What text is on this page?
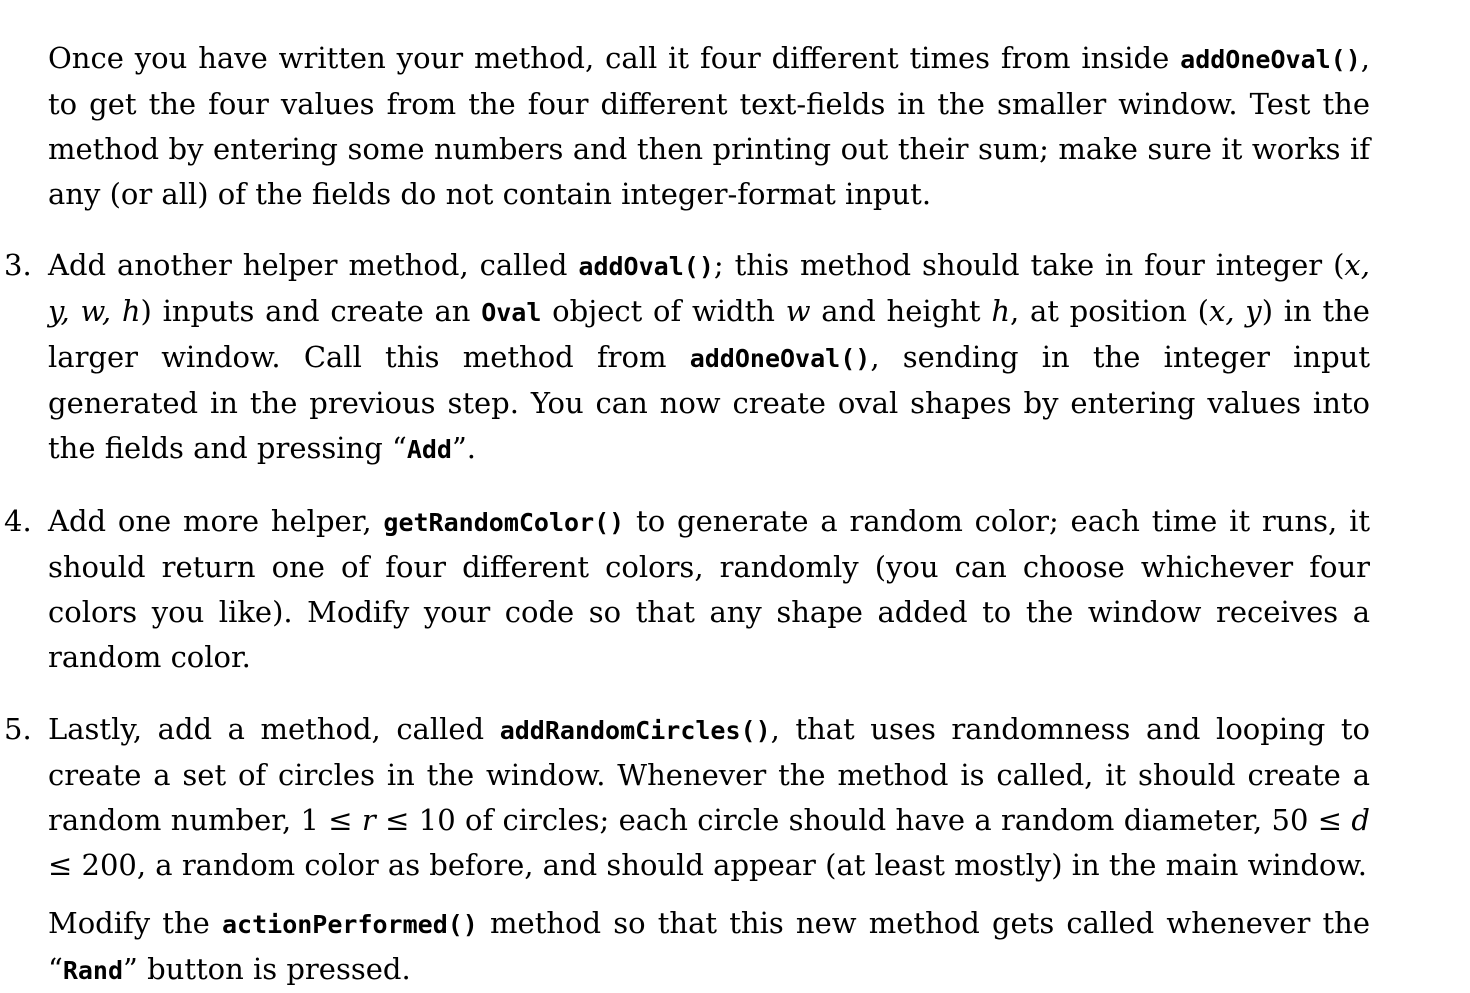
Once you have written your method, call it four different times from inside addOneOval(), to get the four values from the four different text-fields in the smaller window. Test the method by entering some numbers and then printing out their sum; make sure it works if any (or all) of the fields do not contain integer-format input.

3. Add another helper method, called addOval(); this method should take in four integer (x, y, w, h) inputs and create an Oval object of width w and height h, at position (x, y) in the larger window. Call this method from addOneOval(), sending in the integer input generated in the previous step. You can now create oval shapes by entering values into the fields and pressing “Add”.

4. Add one more helper, getRandomColor() to generate a random color; each time it runs, it should return one of four different colors, randomly (you can choose whichever four colors you like). Modify your code so that any shape added to the window receives a random color.

5. Lastly, add a method, called addRandomCircles(), that uses randomness and looping to create a set of circles in the window. Whenever the method is called, it should create a random number, 1 ≤ r ≤ 10 of circles; each circle should have a random diameter, 50 ≤ d ≤ 200, a random color as before, and should appear (at least mostly) in the main window.

Modify the actionPerformed() method so that this new method gets called whenever the “Rand” button is pressed.
